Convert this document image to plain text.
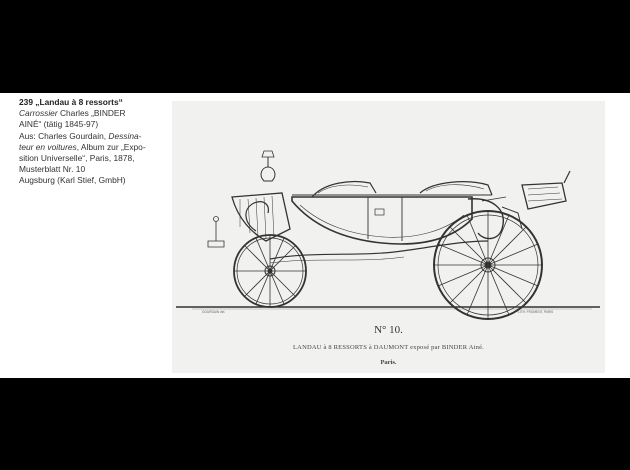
239 „Landau à 8 ressorts“
Carrossier Charles „BINDER
AINÉ“ (tätig 1845-97)
Aus: Charles Gourdain, Dessina-
teur en voitures, Album zur „Expo-
sition Universelle“, Paris, 1878,
Musterblatt Nr. 10
Augsburg (Karl Stief, GmbH)
GOURDAIN del.	LITH. FROMENT, PARIS
N° 10.
LANDAU à 8 RESSORTS à DAUMONT exposé par BINDER Ainé.
Paris.
